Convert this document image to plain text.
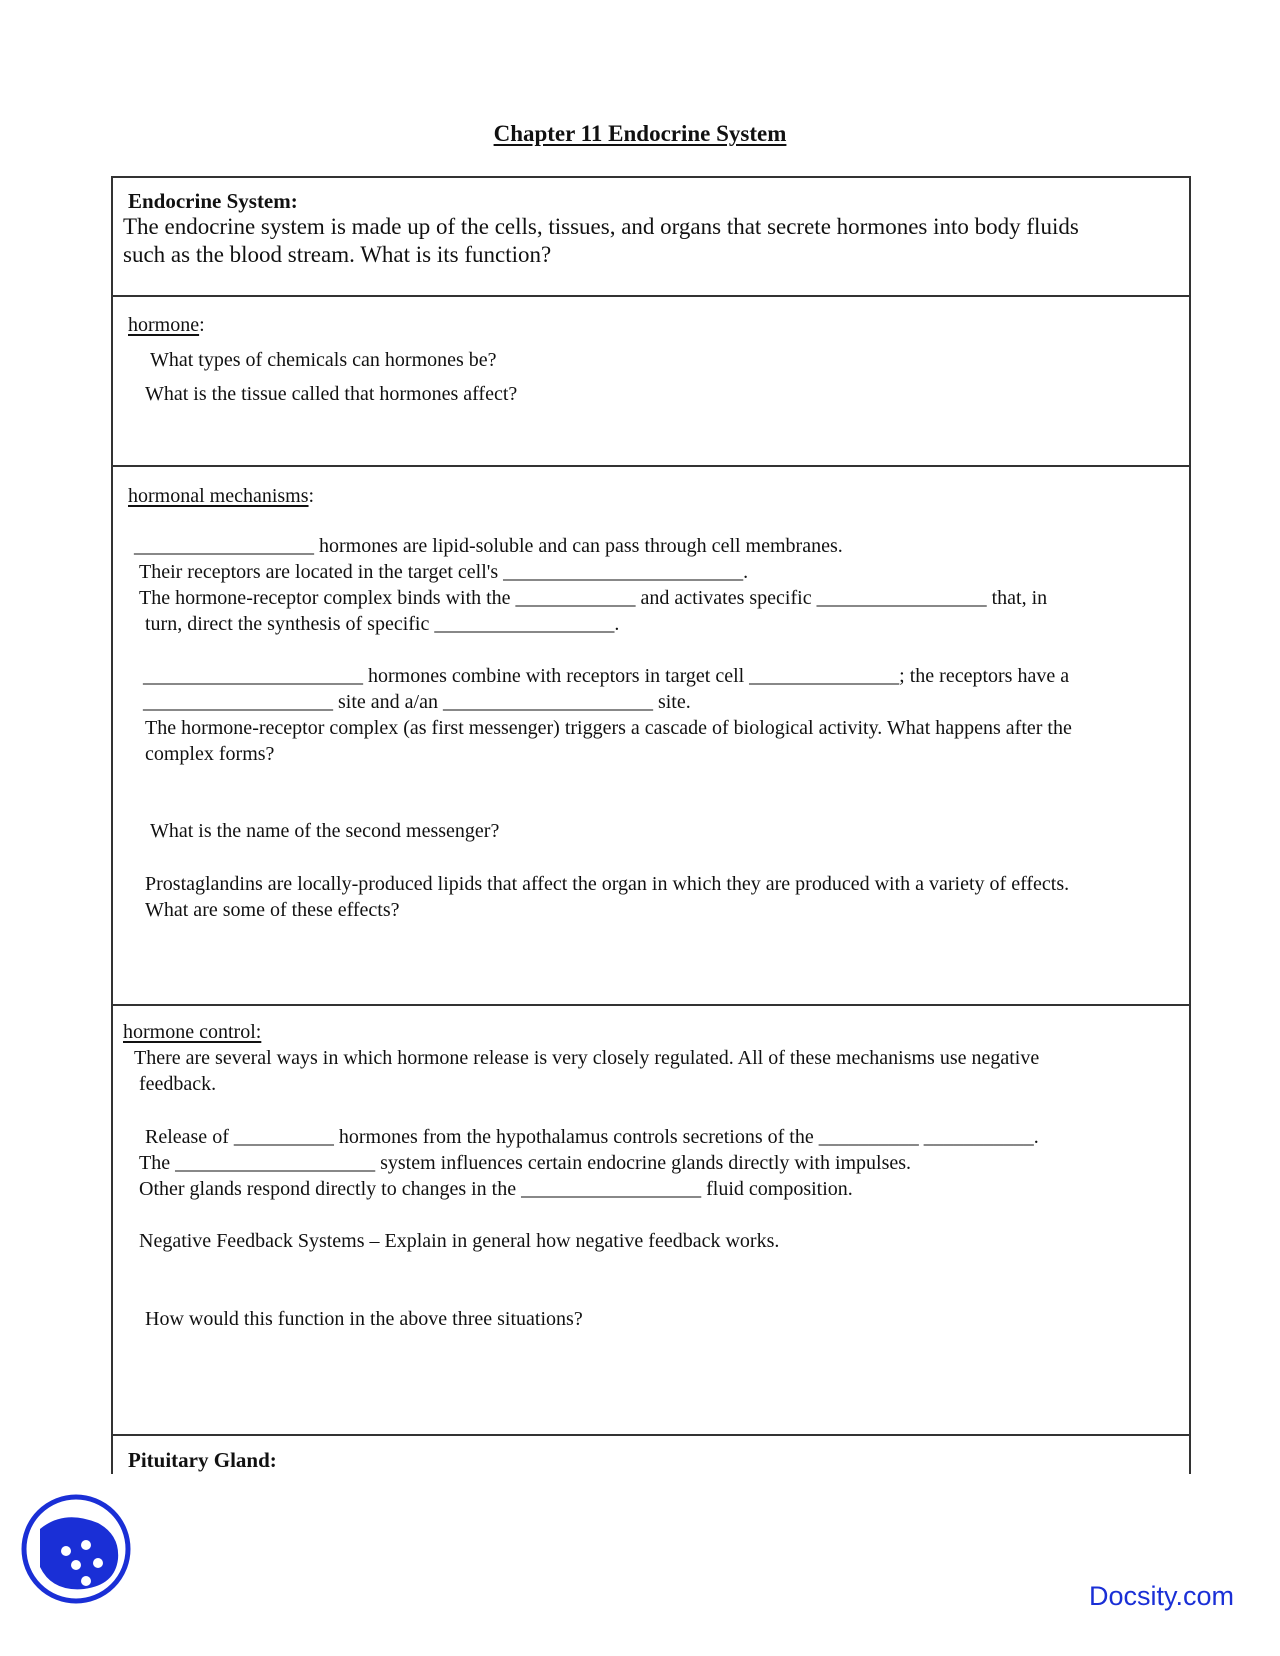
Chapter 11 Endocrine System
Endocrine System:
The endocrine system is made up of the cells, tissues, and organs that secrete hormones into body fluids
such as the blood stream. What is its function?
hormone:
What types of chemicals can hormones be?
What is the tissue called that hormones affect?
hormonal mechanisms:
__________________ hormones are lipid-soluble and can pass through cell membranes.
Their receptors are located in the target cell's ________________________.
The hormone-receptor complex binds with the ____________ and activates specific _________________ that, in
turn, direct the synthesis of specific __________________.
______________________ hormones combine with receptors in target cell _______________; the receptors have a
___________________ site and a/an _____________________ site.
The hormone-receptor complex (as first messenger) triggers a cascade of biological activity. What happens after the
complex forms?
What is the name of the second messenger?
Prostaglandins are locally-produced lipids that affect the organ in which they are produced with a variety of effects.
What are some of these effects?
hormone control:
There are several ways in which hormone release is very closely regulated. All of these mechanisms use negative
feedback.
Release of __________ hormones from the hypothalamus controls secretions of the __________ ___________.
The ____________________ system influences certain endocrine glands directly with impulses.
Other glands respond directly to changes in the __________________ fluid composition.
Negative Feedback Systems – Explain in general how negative feedback works.
How would this function in the above three situations?
Pituitary Gland:
Docsity.com
